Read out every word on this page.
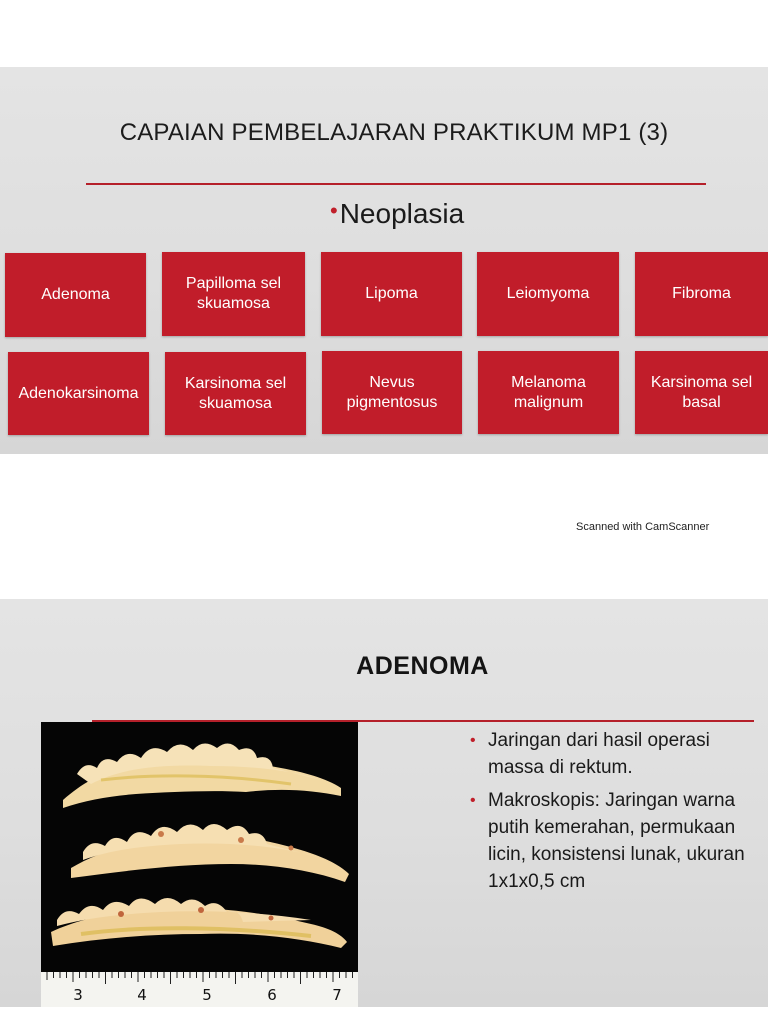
CAPAIAN PEMBELAJARAN PRAKTIKUM MP1 (3)
•Neoplasia
Adenoma
Papilloma sel skuamosa
Lipoma	Leiomyoma	Fibroma
Adenokarsinoma
Karsinoma sel skuamosa
Nevus pigmentosus
Melanoma malignum
Karsinoma sel basal
Scanned with CamScanner
ADENOMA
3	4	5	6	7
• Jaringan dari hasil operasi massa di rektum.
• Makroskopis: Jaringan warna putih kemerahan, permukaan licin, konsistensi lunak, ukuran 1x1x0,5 cm
